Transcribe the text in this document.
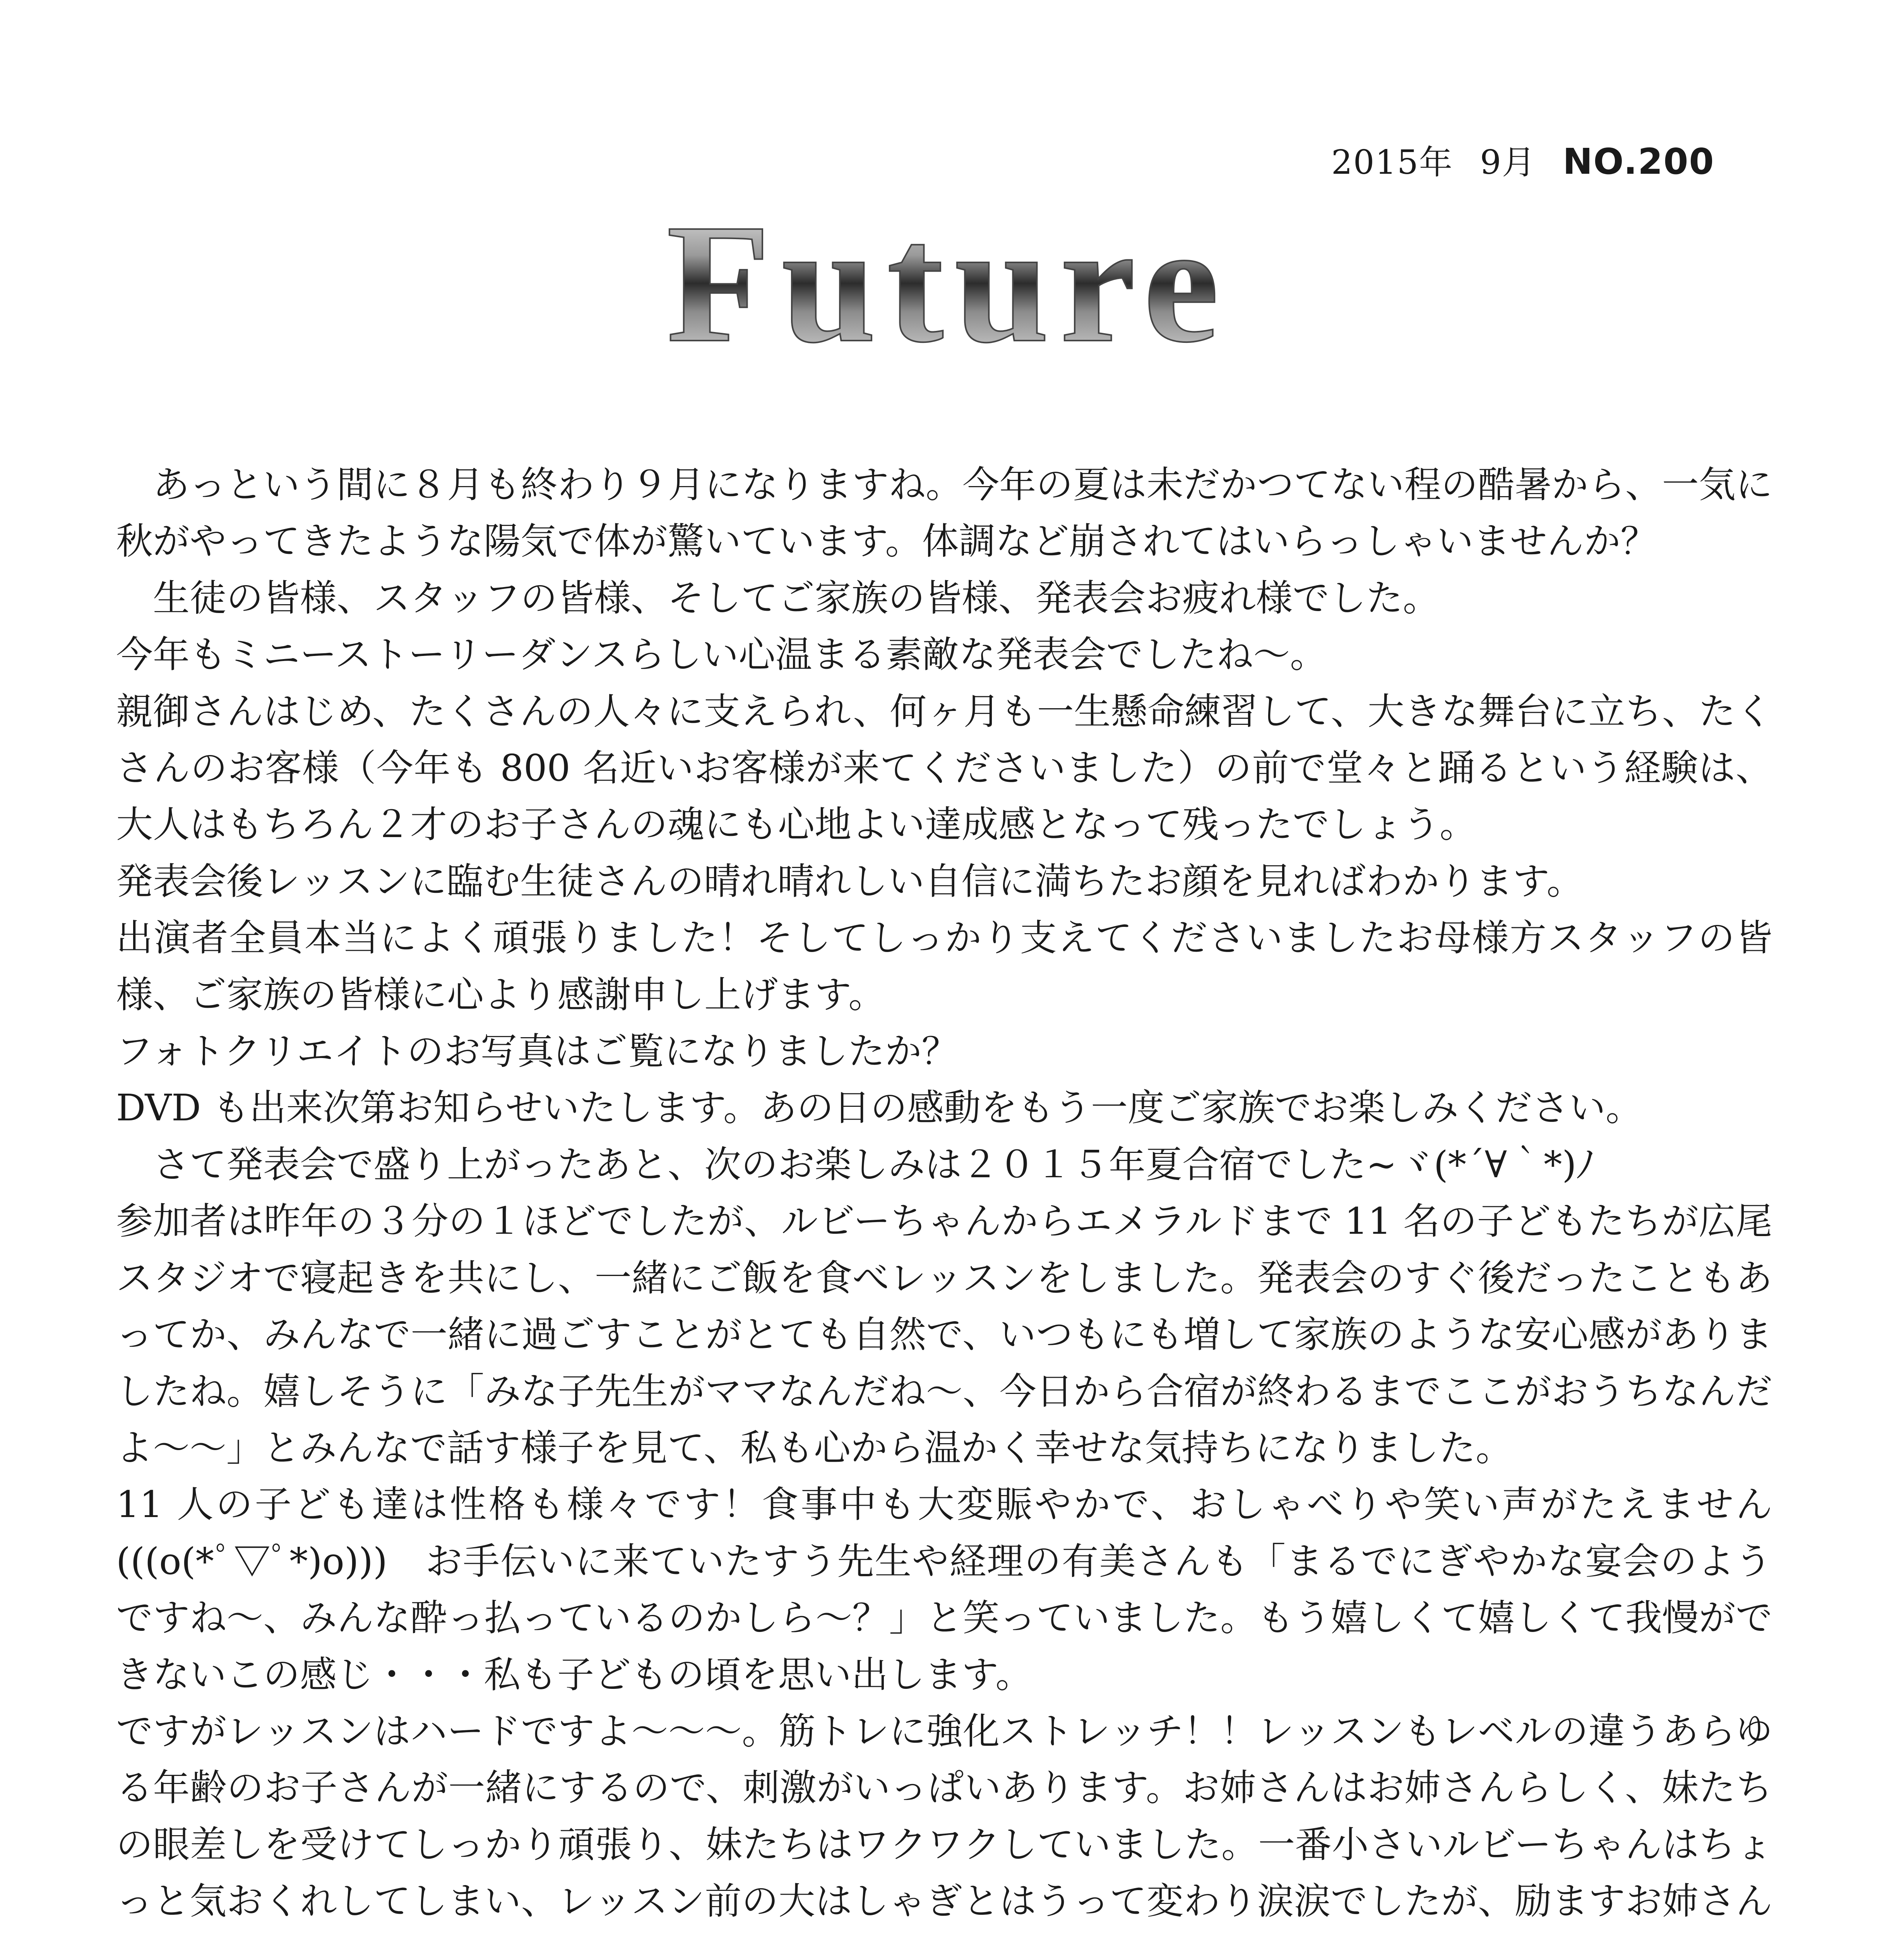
2015年 9月 NO.200
Future

あっという間に８月も終わり９月になりますね。今年の夏は未だかつてない程の酷暑から、一気に秋がやってきたような陽気で体が驚いています。体調など崩されてはいらっしゃいませんか？

生徒の皆様、スタッフの皆様、そしてご家族の皆様、発表会お疲れ様でした。

今年もミニーストーリーダンスらしい心温まる素敵な発表会でしたね～。

親御さんはじめ、たくさんの人々に支えられ、何ヶ月も一生懸命練習して、大きな舞台に立ち、たくさんのお客様（今年も 800 名近いお客様が来てくださいました）の前で堂々と踊るという経験は、大人はもちろん２才のお子さんの魂にも心地よい達成感となって残ったでしょう。

発表会後レッスンに臨む生徒さんの晴れ晴れしい自信に満ちたお顔を見ればわかります。

出演者全員本当によく頑張りました！そしてしっかり支えてくださいましたお母様方スタッフの皆様、ご家族の皆様に心より感謝申し上げます。

フォトクリエイトのお写真はご覧になりましたか？

DVD も出来次第お知らせいたします。あの日の感動をもう一度ご家族でお楽しみください。

さて発表会で盛り上がったあと、次のお楽しみは２０１５年夏合宿でした~ヾ(*´∀｀*)ﾉ

参加者は昨年の３分の１ほどでしたが、ルビーちゃんからエメラルドまで 11 名の子どもたちが広尾スタジオで寝起きを共にし、一緒にご飯を食べレッスンをしました。発表会のすぐ後だったこともあってか、みんなで一緒に過ごすことがとても自然で、いつもにも増して家族のような安心感がありましたね。嬉しそうに「みな子先生がママなんだね～、今日から合宿が終わるまでここがおうちなんだよ～～」とみんなで話す様子を見て、私も心から温かく幸せな気持ちになりました。

11 人の子ども達は性格も様々です！食事中も大変賑やかで、おしゃべりや笑い声がたえません (((o(*ﾟ▽ﾟ*)o)))　お手伝いに来ていたすう先生や経理の有美さんも「まるでにぎやかな宴会のようですね～、みんな酔っ払っているのかしら～？」と笑っていました。もう嬉しくて嬉しくて我慢ができないこの感じ・・・私も子どもの頃を思い出します。

ですがレッスンはハードですよ～～～。筋トレに強化ストレッチ！！レッスンもレベルの違うあらゆる年齢のお子さんが一緒にするので、刺激がいっぱいあります。お姉さんはお姉さんらしく、妹たちの眼差しを受けてしっかり頑張り、妹たちはワクワクしていました。一番小さいルビーちゃんはちょっと気おくれしてしまい、レッスン前の大はしゃぎとはうって変わり涙涙でしたが、励ますお姉さん
